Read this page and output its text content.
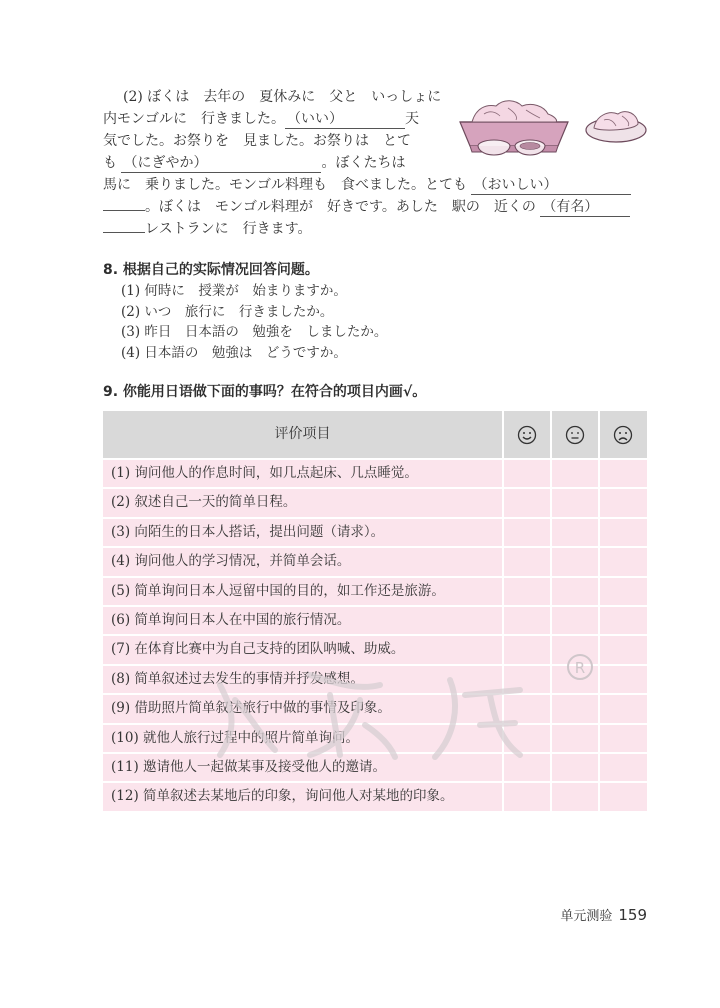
(2) ぼくは　去年の　夏休みに　父と　いっしょに
内モンゴルに　行きました。 （いい）	天
気でした。お祭りを　見ました。お祭りは　とて
も （にぎやか）	。ぼくたちは
馬に　乗りました。モンゴル料理も　食べました。とても （おいしい）
。ぼくは　モンゴル料理が　好きです。あした　駅の　近くの （有名）
レストランに　行きます。
8. 根据自己的实际情况回答问题。
(1) 何時に　授業が　始まりますか。
(2) いつ　旅行に　行きましたか。
(3) 昨日　日本語の　勉強を　しましたか。
(4) 日本語の　勉強は　どうですか。
9. 你能用日语做下面的事吗？在符合的项目内画√。
评价项目
(1) 询问他人的作息时间，如几点起床、几点睡觉。
(2) 叙述自己一天的简单日程。
(3) 向陌生的日本人搭话，提出问题（请求）。
(4) 询问他人的学习情况，并简单会话。
(5) 简单询问日本人逗留中国的目的，如工作还是旅游。
(6) 简单询问日本人在中国的旅行情况。
(7) 在体育比赛中为自己支持的团队呐喊、助威。
(8) 简单叙述过去发生的事情并抒发感想。
(9) 借助照片简单叙述旅行中做的事情及印象。
(10) 就他人旅行过程中的照片简单询问。
(11) 邀请他人一起做某事及接受他人的邀请。
(12) 简单叙述去某地后的印象，询问他人对某地的印象。
R
单元测验 159
